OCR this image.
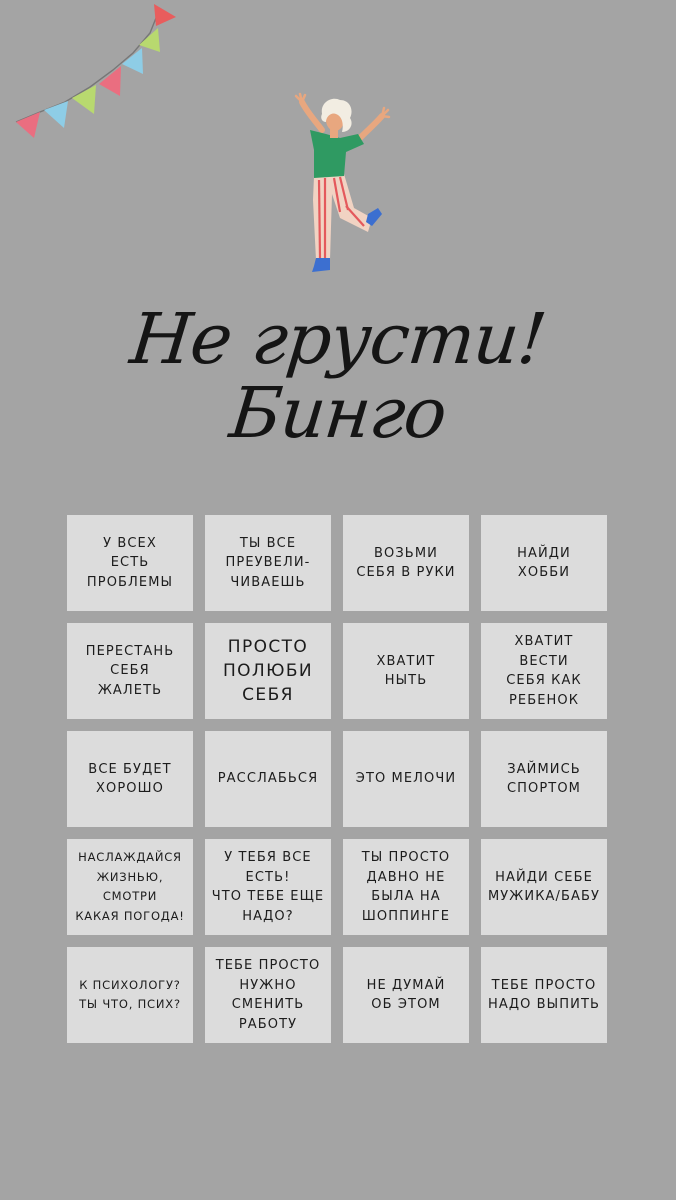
Не грусти!
Бинго
У ВСЕХ
ЕСТЬ
ПРОБЛЕМЫ
ТЫ ВСЕ
ПРЕУВЕЛИ-
ЧИВАЕШЬ
ВОЗЬМИ
СЕБЯ В РУКИ
НАЙДИ
ХОББИ
ПЕРЕСТАНЬ
СЕБЯ
ЖАЛЕТЬ
ПРОСТО
ПОЛЮБИ
СЕБЯ
ХВАТИТ
НЫТЬ
ХВАТИТ
ВЕСТИ
СЕБЯ КАК
РЕБЕНОК
ВСЕ БУДЕТ
ХОРОШО
РАССЛАБЬСЯ	ЭТО МЕЛОЧИ
ЗАЙМИСЬ
СПОРТОМ
НАСЛАЖДАЙСЯ
ЖИЗНЬЮ,
СМОТРИ
КАКАЯ ПОГОДА!
У ТЕБЯ ВСЕ
ЕСТЬ!
ЧТО ТЕБЕ ЕЩЕ
НАДО?
ТЫ ПРОСТО
ДАВНО НЕ
БЫЛА НА
ШОППИНГЕ
НАЙДИ СЕБЕ
МУЖИКА/БАБУ
К ПСИХОЛОГУ?
ТЫ ЧТО, ПСИХ?
ТЕБЕ ПРОСТО
НУЖНО
СМЕНИТЬ
РАБОТУ
НЕ ДУМАЙ
ОБ ЭТОМ
ТЕБЕ ПРОСТО
НАДО ВЫПИТЬ
